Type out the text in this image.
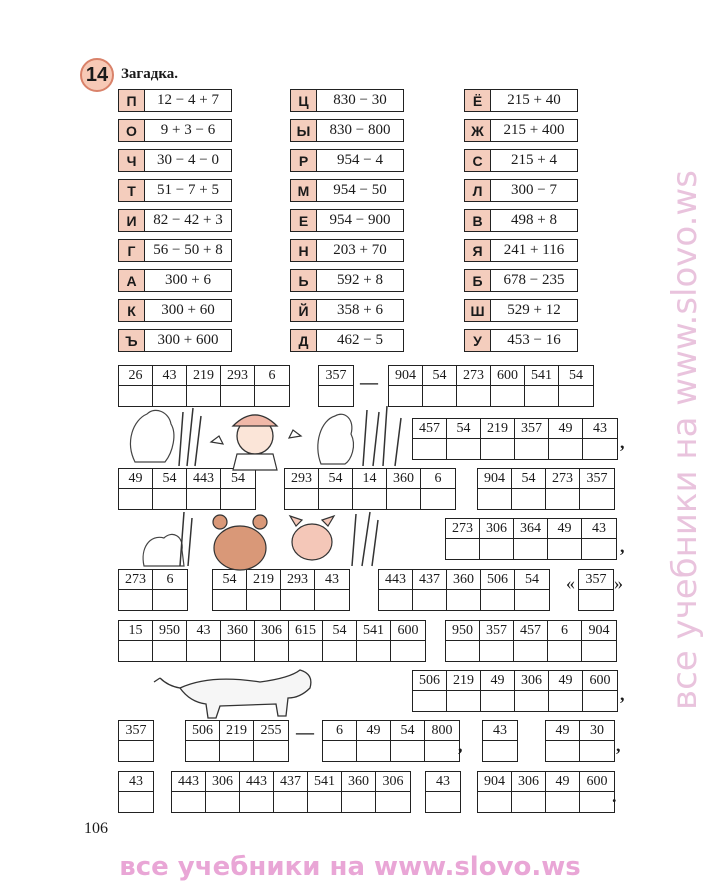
14 Загадка.
П	12 − 4 + 7
О	9 + 3 − 6
Ч	30 − 4 − 0
Т	51 − 7 + 5
И	82 − 42 + 3
Г	56 − 50 + 8
А	300 + 6
К	300 + 60
Ъ	300 + 600
Ц	830 − 30
Ы	830 − 800
Р	954 − 4
М	954 − 50
Е	954 − 900
Н	203 + 70
Ь	592 + 8
Й	358 + 6
Д	462 − 5
Ё	215 + 40
Ж	215 + 400
С	215 + 4
Л	300 − 7
В	498 + 8
Я	241 + 116
Б	678 − 235
Ш	529 + 12
У	453 − 16
26	43	219 293	6	357	904	54	273 600 541	54
457	54	219 357	49	43
49	54	443	54	293	54	14	360	6	904	54	273 357
273 306 364	49	43
273	6	54	219 293	43	443 437 360 506	54	357
15	950	43	360 306 615	54	541 600	950 357 457	6	904
506 219	49	306	49	600
357	506 219 255	6	49	54	800	43	49	30
43	443 306 443 437 541 360 306	43	904 306	49	600
—
,
,
« »
,
—
,	,
.
106
все учебники на www.slovo.ws
все учебники на www.slovo.ws
